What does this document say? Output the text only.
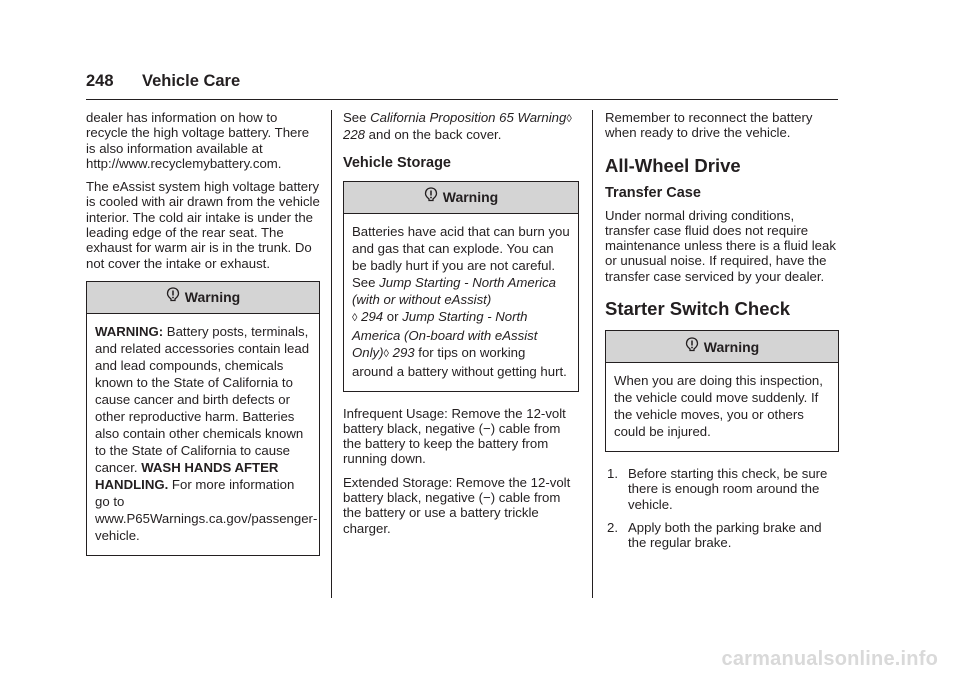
248 Vehicle Care

dealer has information on how to recycle the high voltage battery. There is also information available at http://www.recyclemybattery.com.

The eAssist system high voltage battery is cooled with air drawn from the vehicle interior. The cold air intake is under the leading edge of the rear seat. The exhaust for warm air is in the trunk. Do not cover the intake or exhaust.

Warning
WARNING: Battery posts, terminals, and related accessories contain lead and lead compounds, chemicals known to the State of California to cause cancer and birth defects or other reproductive harm. Batteries also contain other chemicals known to the State of California to cause cancer. WASH HANDS AFTER HANDLING. For more information go to www.P65Warnings.ca.gov/passenger-vehicle.

See California Proposition 65 Warning◊ 228 and on the back cover.

Vehicle Storage
Warning
Batteries have acid that can burn you and gas that can explode. You can be badly hurt if you are not careful.
See Jump Starting - North America (with or without eAssist)
◊ 294 or Jump Starting - North America (On-board with eAssist Only)◊ 293 for tips on working around a battery without getting hurt.

Infrequent Usage: Remove the 12-volt battery black, negative (−) cable from the battery to keep the battery from running down.

Extended Storage: Remove the 12-volt battery black, negative (−) cable from the battery or use a battery trickle charger.

Remember to reconnect the battery when ready to drive the vehicle.

All-Wheel Drive
Transfer Case

Under normal driving conditions, transfer case fluid does not require maintenance unless there is a fluid leak or unusual noise. If required, have the transfer case serviced by your dealer.

Starter Switch Check
Warning
When you are doing this inspection, the vehicle could move suddenly. If the vehicle moves, you or others could be injured.
1. Before starting this check, be sure there is enough room around the vehicle.
2. Apply both the parking brake and the regular brake.
carmanualsonline.info
